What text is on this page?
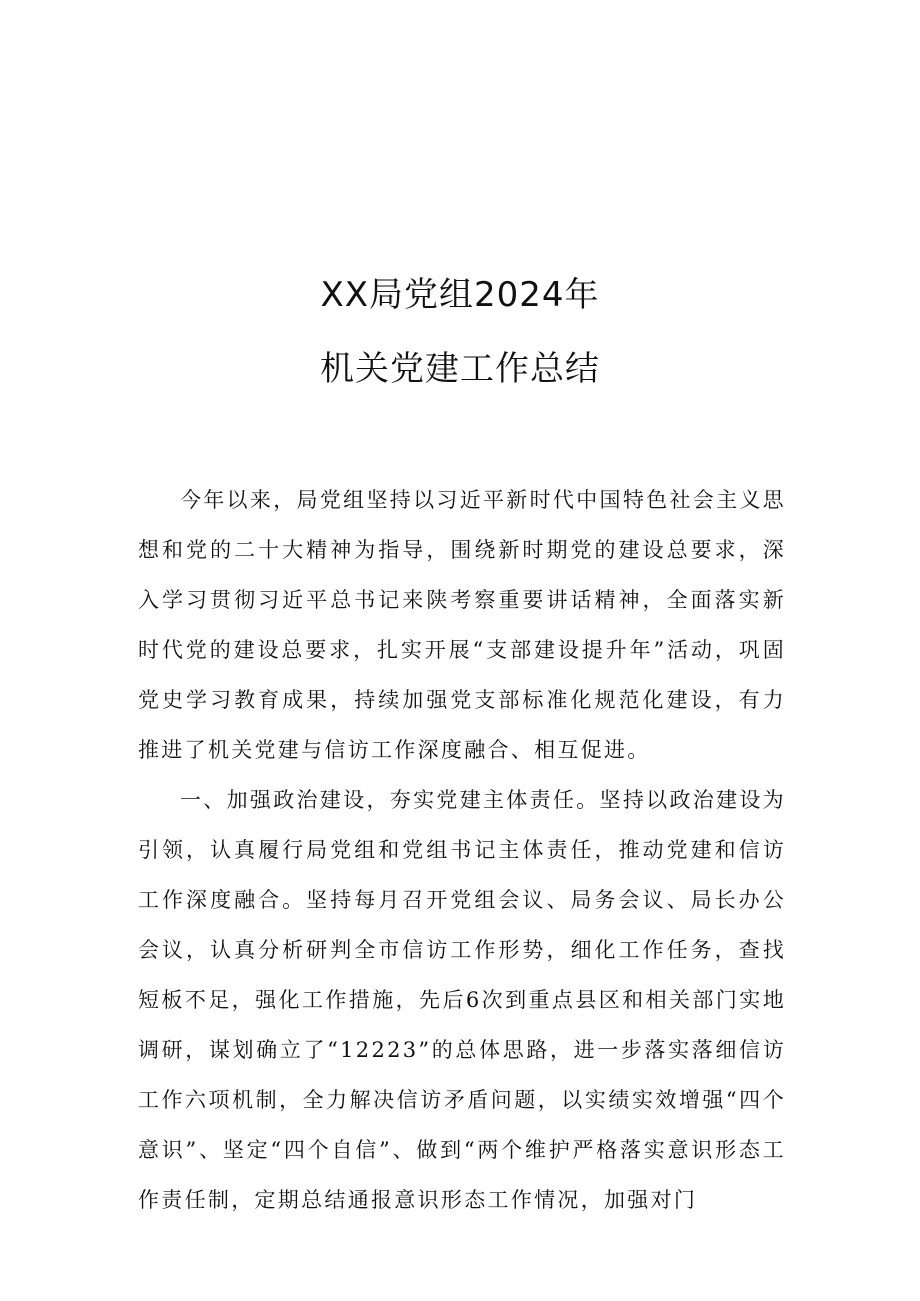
XX局党组2024年
机关党建工作总结

今年以来，局党组坚持以习近平新时代中国特色社会主义思想和党的二十大精神为指导，围绕新时期党的建设总要求，深入学习贯彻习近平总书记来陕考察重要讲话精神，全面落实新时代党的建设总要求，扎实开展“支部建设提升年”活动，巩固党史学习教育成果，持续加强党支部标准化规范化建设，有力推进了机关党建与信访工作深度融合、相互促进。

一、加强政治建设，夯实党建主体责任。坚持以政治建设为引领，认真履行局党组和党组书记主体责任，推动党建和信访工作深度融合。坚持每月召开党组会议、局务会议、局长办公会议，认真分析研判全市信访工作形势，细化工作任务，查找短板不足，强化工作措施，先后6次到重点县区和相关部门实地调研，谋划确立了“12223”的总体思路，进一步落实落细信访工作六项机制，全力解决信访矛盾问题，以实绩实效增强“四个意识”、坚定“四个自信”、做到“两个维护严格落实意识形态工作责任制，定期总结通报意识形态工作情况，加强对门
